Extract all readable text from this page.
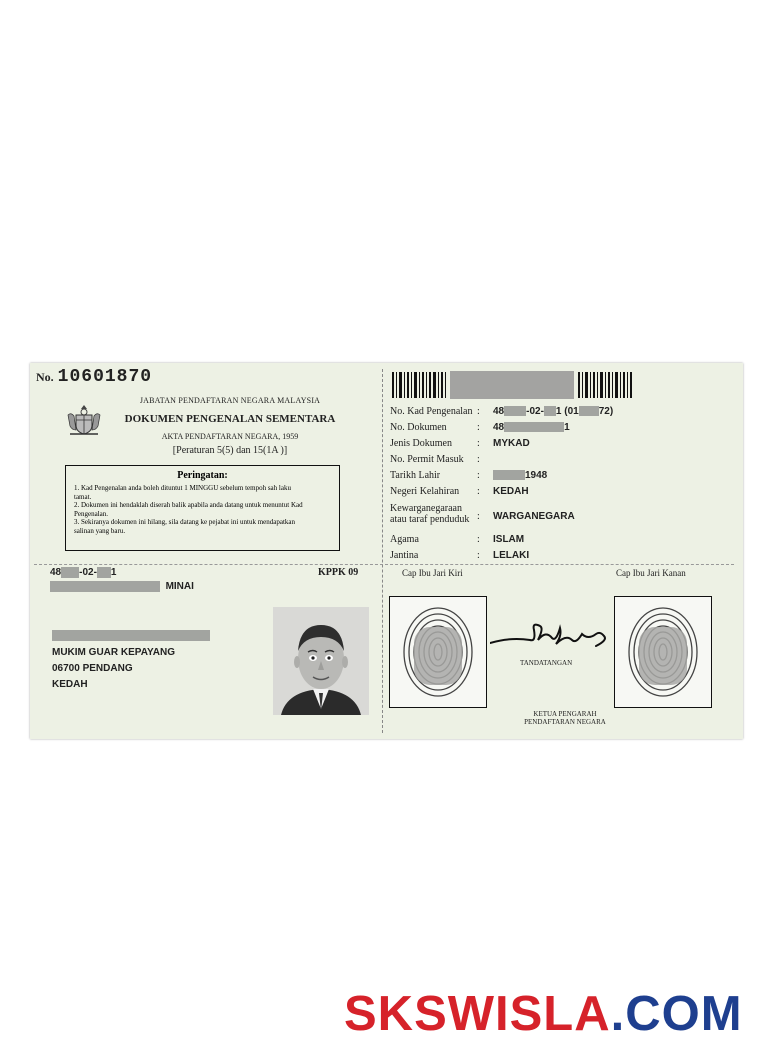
No. 10601870
JABATAN PENDAFTARAN NEGARA MALAYSIA
DOKUMEN PENGENALAN SEMENTARA
AKTA PENDAFTARAN NEGARA, 1959
[Peraturan 5(5) dan 15(1A )]
Peringatan:
1. Kad Pengenalan anda boleh dituntut 1 MINGGU sebelum tempoh sah laku tamat.
2. Dokumen ini hendaklah diserah balik apabila anda datang untuk menuntut Kad Pengenalan.
3. Sekiranya dokumen ini hilang, sila datang ke pejabat ini untuk mendapatkan salinan yang baru.
48 -02- 1	KPPK 09
MINAI
MUKIM GUAR KEPAYANG
06700 PENDANG
KEDAH
No. Kad Pengenalan : 48 -02- 1 (01 72)
No. Dokumen	: 48	1
Jenis Dokumen	: MYKAD
No. Permit Masuk :
Tarikh Lahir	:	1948
Negeri Kelahiran : KEDAH
Kewarganegaraan
atau taraf penduduk : WARGANEGARA
Agama	: ISLAM
Jantina	: LELAKI
Cap Ibu Jari Kiri	Cap Ibu Jari Kanan
TANDATANGAN
KETUA PENGARAH
PENDAFTARAN NEGARA
SKSWISLA.COM
